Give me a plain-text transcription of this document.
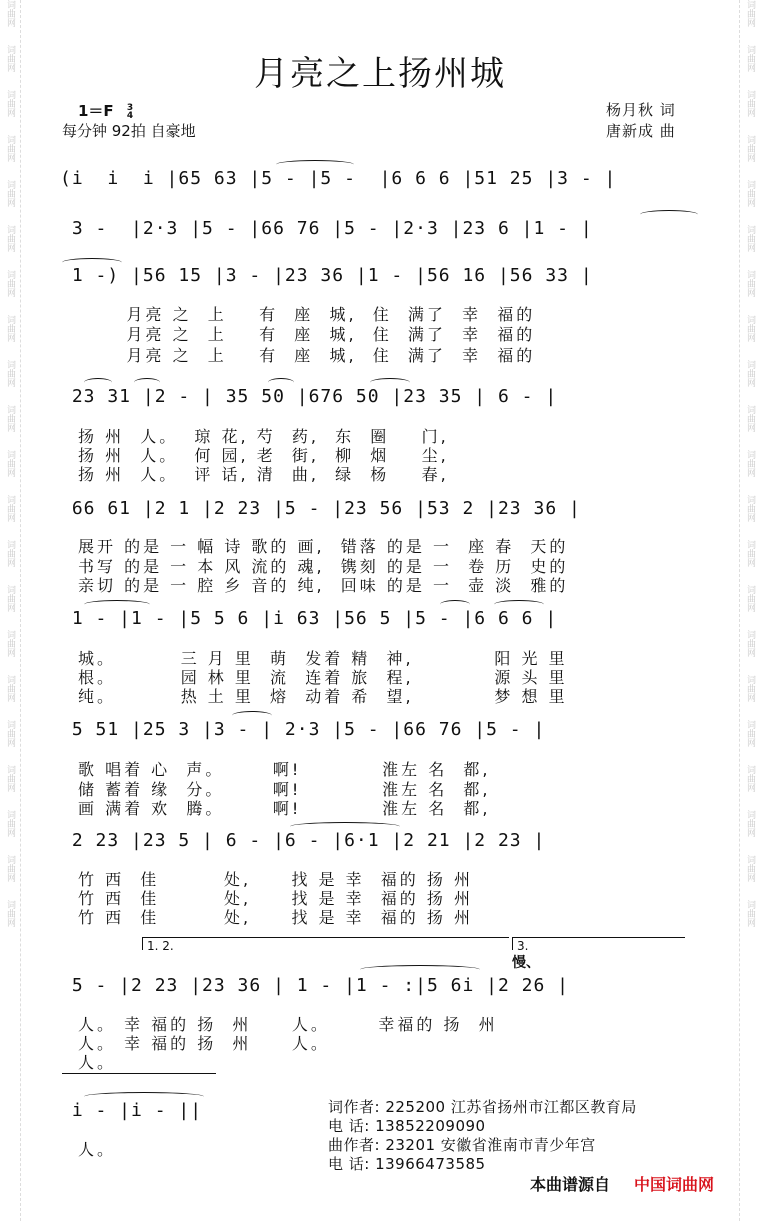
词曲网
词曲网
词曲网
词曲网
词曲网
词曲网
词曲网
词曲网
词曲网
词曲网
词曲网
词曲网
词曲网
词曲网
词曲网
词曲网
词曲网
词曲网
词曲网
词曲网
词曲网
词曲网
词曲网
词曲网
词曲网
词曲网
词曲网
词曲网
词曲网
词曲网
词曲网
词曲网
词曲网
词曲网
词曲网
词曲网
词曲网
词曲网
词曲网
词曲网
词曲网
词曲网
月亮之上扬州城
1＝F 3
4
每分钟 92拍 自豪地
杨月秋 词
唐新成 曲
(i  i  i |65 63 |5 - |5 -  |6 6 6 |51 25 |3 - |
3 -  |2·3 |5 - |66 76 |5 - |2·3 |23 6 |1 - |
1 -) |56 15 |3 - |23 36 |1 - |56 16 |56 33 |
月亮 之  上    有  座  城,  住  满了  幸  福的
月亮 之  上    有  座  城,  住  满了  幸  福的
月亮 之  上    有  座  城,  住  满了  幸  福的
23 31 |2 - | 35 50 |676 50 |23 35 | 6 - |
扬 州  人。  琼 花, 芍  药,  东  圈    门,
扬 州  人。  何 园, 老  街,  柳  烟    尘,
扬 州  人。  评 话, 清  曲,  绿  杨    春,
66 61 |2 1 |2 23 |5 - |23 56 |53 2 |23 36 |
展开 的是 一 幅 诗 歌的 画,  错落 的是 一  座 春  天的
书写 的是 一 本 风 流的 魂,  镌刻 的是 一  卷 历  史的
亲切 的是 一 腔 乡 音的 纯,  回味 的是 一  壶 淡  雅的
1 - |1 - |5 5 6 |i 63 |56 5 |5 - |6 6 6 |
城。        三 月 里  萌  发着 精  神,          阳 光 里
根。        园 林 里  流  连着 旅  程,          源 头 里
纯。        热 土 里  熔  动着 希  望,          梦 想 里
5 51 |25 3 |3 - | 2·3 |5 - |66 76 |5 - |
歌 唱着 心  声。      啊!          淮左 名  都,
储 蓄着 缘  分。      啊!          淮左 名  都,
画 满着 欢  腾。      啊!          淮左 名  都,
2 23 |23 5 | 6 - |6 - |6·1 |2 21 |2 23 |
竹 西  佳        处,     找 是 幸  福的 扬 州
竹 西  佳        处,     找 是 幸  福的 扬 州
竹 西  佳        处,     找 是 幸  福的 扬 州
5 - |2 23 |23 36 | 1 - |1 - :|5 6i |2 26 |
人。 幸 福的 扬  州     人。      幸福的 扬  州
人。 幸 福的 扬  州     人。
人。
i - |i - ||
人。
1. 2.	3.
慢、
词作者: 225200 江苏省扬州市江都区教育局
电 话: 13852209090
曲作者: 23201 安徽省淮南市青少年宫
电 话: 13966473585
本曲谱源自 中国词曲网
